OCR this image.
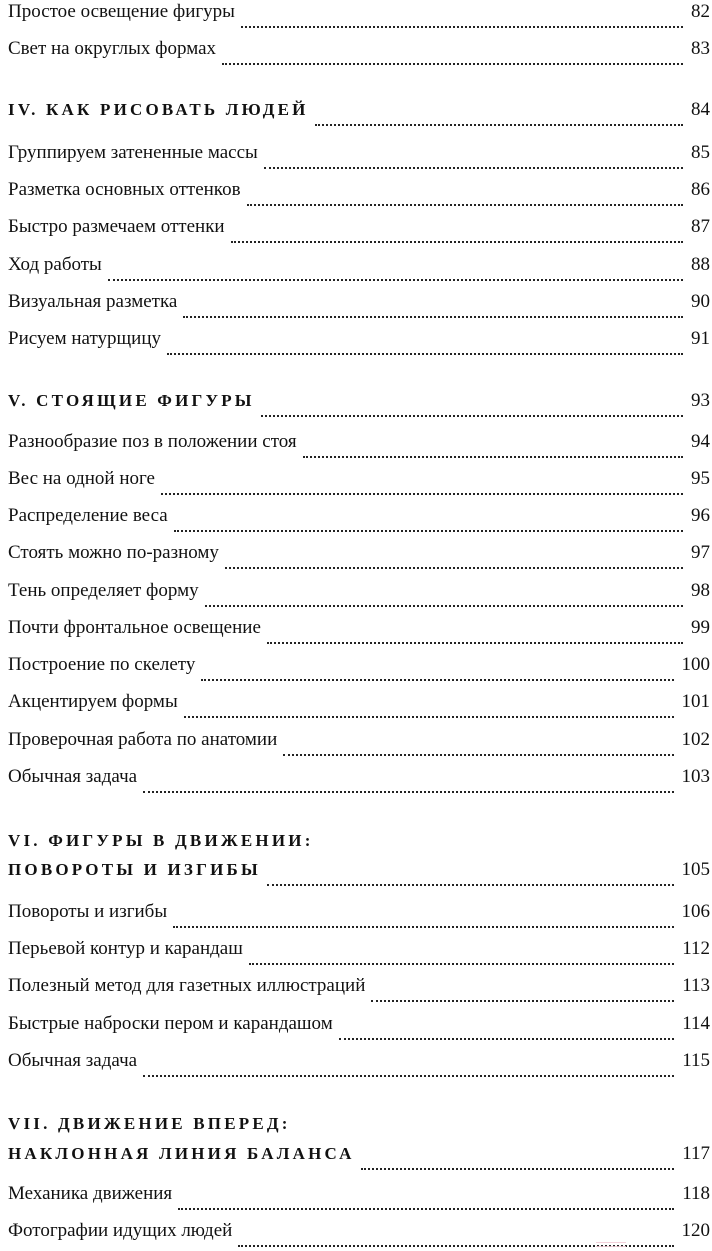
Простое освещение фигуры	82
Свет на округлых формах	83
IV. КАК РИСОВАТЬ ЛЮДЕЙ	84
Группируем затененные массы	85
Разметка основных оттенков	86
Быстро размечаем оттенки	87
Ход работы	88
Визуальная разметка	90
Рисуем натурщицу	91
V. СТОЯЩИЕ ФИГУРЫ	93
Разнообразие поз в положении стоя	94
Вес на одной ноге	95
Распределение веса	96
Стоять можно по-разному	97
Тень определяет форму	98
Почти фронтальное освещение	99
Построение по скелету	100
Акцентируем формы	101
Проверочная работа по анатомии	102
Обычная задача	103
VI. ФИГУРЫ В ДВИЖЕНИИ:
ПОВОРОТЫ И ИЗГИБЫ	105
Повороты и изгибы	106
Перьевой контур и карандаш	112
Полезный метод для газетных иллюстраций	113
Быстрые наброски пером и карандашом	114
Обычная задача	115
VII. ДВИЖЕНИЕ ВПЕРЕД:
НАКЛОННАЯ ЛИНИЯ БАЛАНСА	117
Механика движения	118
Фотографии идущих людей	120
